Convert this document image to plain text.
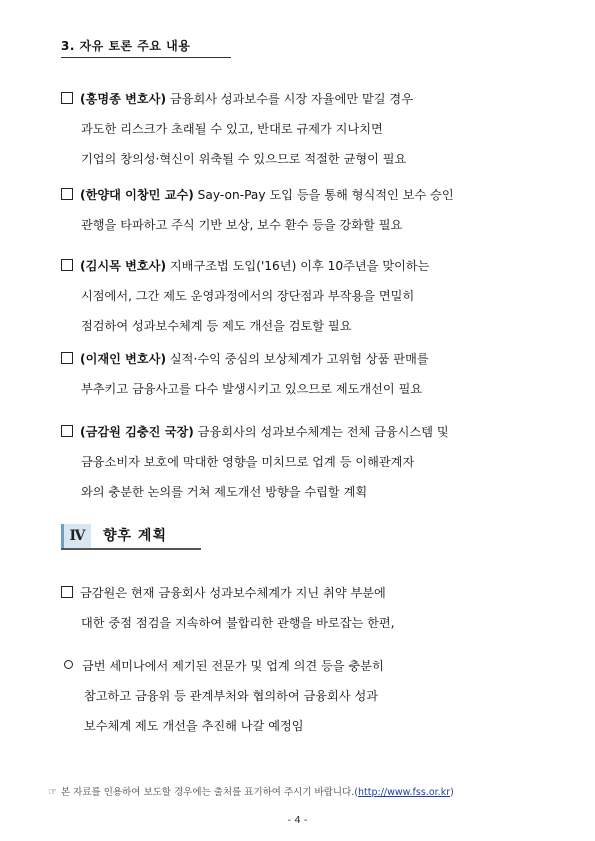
3. 자유 토론 주요 내용
(홍명종 변호사) 금융회사 성과보수를 시장 자율에만 맡길 경우
과도한 리스크가 초래될 수 있고, 반대로 규제가 지나치면
기업의 창의성·혁신이 위축될 수 있으므로 적절한 균형이 필요
(한양대 이창민 교수) Say-on-Pay 도입 등을 통해 형식적인 보수 승인
관행을 타파하고 주식 기반 보상, 보수 환수 등을 강화할 필요
(김시목 변호사) 지배구조법 도입('16년) 이후 10주년을 맞이하는
시점에서, 그간 제도 운영과정에서의 장단점과 부작용을 면밀히
점검하여 성과보수체계 등 제도 개선을 검토할 필요
(이재인 변호사) 실적·수익 중심의 보상체계가 고위험 상품 판매를
부추키고 금융사고를 다수 발생시키고 있으므로 제도개선이 필요
(금감원 김충진 국장) 금융회사의 성과보수체계는 전체 금융시스템 및
금융소비자 보호에 막대한 영향을 미치므로 업계 등 이해관계자
와의 충분한 논의를 거쳐 제도개선 방향을 수립할 계획
Ⅳ	향후 계획
금감원은 현재 금융회사 성과보수체계가 지닌 취약 부분에
대한 중점 점검을 지속하여 불합리한 관행을 바로잡는 한편,
금번 세미나에서 제기된 전문가 및 업계 의견 등을 충분히
참고하고 금융위 등 관계부처와 협의하여 금융회사 성과
보수체계 제도 개선을 추진해 나갈 예정임
☞ 본 자료를 인용하여 보도할 경우에는 출처를 표기하여 주시기 바랍니다.(http://www.fss.or.kr)
- 4 -
